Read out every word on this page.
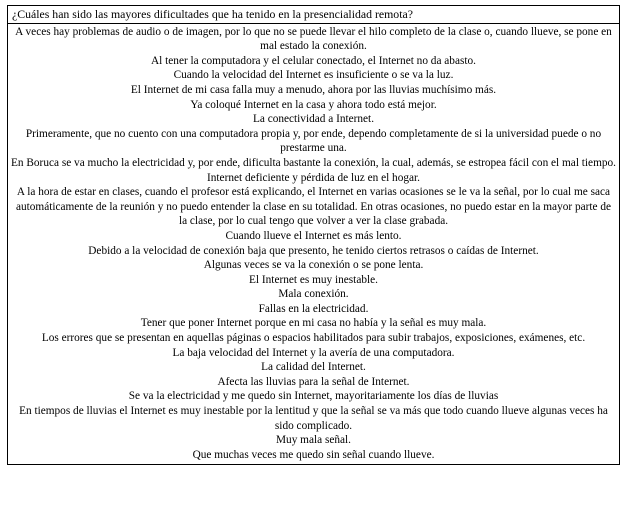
¿Cuáles han sido las mayores dificultades que ha tenido en la presencialidad remota?

A veces hay problemas de audio o de imagen, por lo que no se puede llevar el hilo completo de la clase o, cuando llueve, se pone en mal estado la conexión.
Al tener la computadora y el celular conectado, el Internet no da abasto.
Cuando la velocidad del Internet es insuficiente o se va la luz.
El Internet de mi casa falla muy a menudo, ahora por las lluvias muchísimo más.
Ya coloqué Internet en la casa y ahora todo está mejor.
La conectividad a Internet.
Primeramente, que no cuento con una computadora propia y, por ende, dependo completamente de si la universidad puede o no prestarme una.
En Boruca se va mucho la electricidad y, por ende, dificulta bastante la conexión, la cual, además, se estropea fácil con el mal tiempo.
Internet deficiente y pérdida de luz en el hogar.
A la hora de estar en clases, cuando el profesor está explicando, el Internet en varias ocasiones se le va la señal, por lo cual me saca automáticamente de la reunión y no puedo entender la clase en su totalidad. En otras ocasiones, no puedo estar en la mayor parte de la clase, por lo cual tengo que volver a ver la clase grabada.
Cuando llueve el Internet es más lento.
Debido a la velocidad de conexión baja que presento, he tenido ciertos retrasos o caídas de Internet.
Algunas veces se va la conexión o se pone lenta.
El Internet es muy inestable.
Mala conexión.
Fallas en la electricidad.
Tener que poner Internet porque en mi casa no había y la señal es muy mala.
Los errores que se presentan en aquellas páginas o espacios habilitados para subir trabajos, exposiciones, exámenes, etc.
La baja velocidad del Internet y la avería de una computadora.
La calidad del Internet.
Afecta las lluvias para la señal de Internet.
Se va la electricidad y me quedo sin Internet, mayoritariamente los días de lluvias
En tiempos de lluvias el Internet es muy inestable por la lentitud y que la señal se va más que todo cuando llueve algunas veces ha sido complicado.
Muy mala señal.
Que muchas veces me quedo sin señal cuando llueve.
